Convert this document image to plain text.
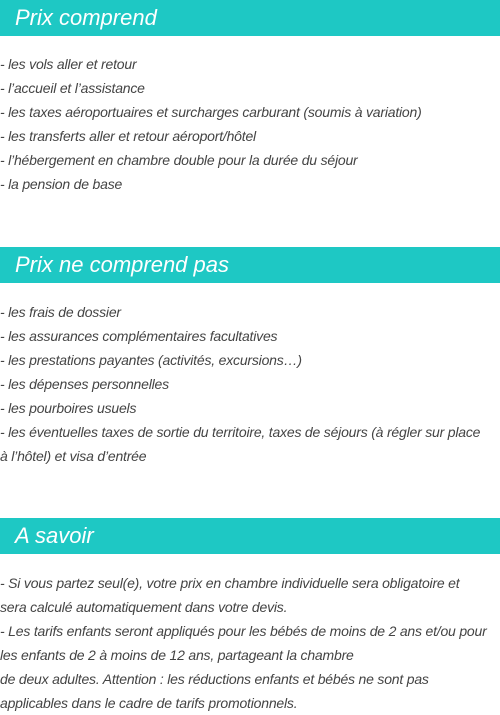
Prix comprend
- les vols aller et retour
- l’accueil et l’assistance
- les taxes aéroportuaires et surcharges carburant (soumis à variation)
- les transferts aller et retour aéroport/hôtel
- l’hébergement en chambre double pour la durée du séjour
- la pension de base
Prix ne comprend pas
- les frais de dossier
- les assurances complémentaires facultatives
- les prestations payantes (activités, excursions…)
- les dépenses personnelles
- les pourboires usuels
- les éventuelles taxes de sortie du territoire, taxes de séjours (à régler sur place
à l’hôtel) et visa d’entrée
A savoir
- Si vous partez seul(e), votre prix en chambre individuelle sera obligatoire et
sera calculé automatiquement dans votre devis.
- Les tarifs enfants seront appliqués pour les bébés de moins de 2 ans et/ou pour
les enfants de 2 à moins de 12 ans, partageant la chambre
de deux adultes. Attention : les réductions enfants et bébés ne sont pas
applicables dans le cadre de tarifs promotionnels.
